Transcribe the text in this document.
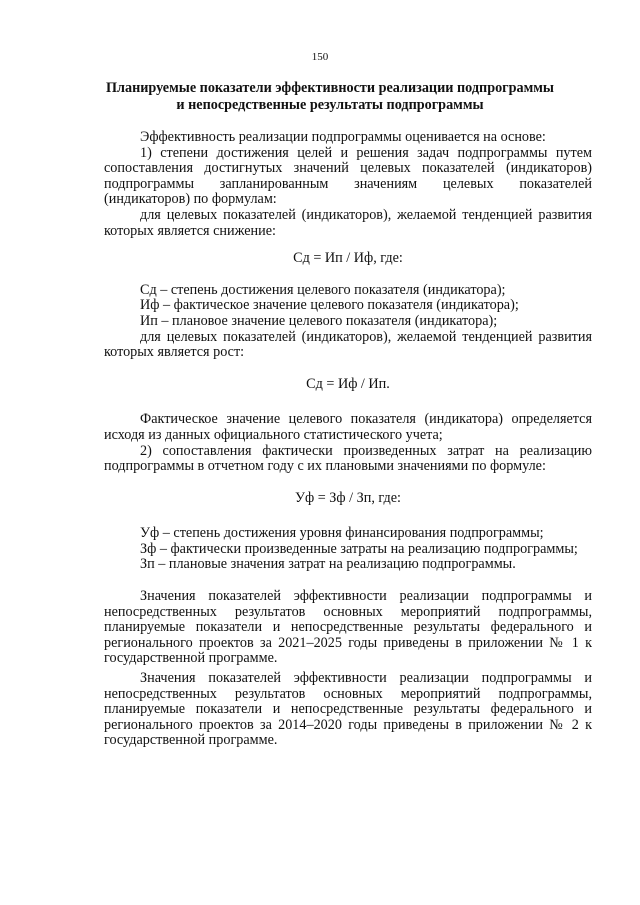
150
Планируемые показатели эффективности реализации подпрограммы
и непосредственные результаты подпрограммы

Эффективность реализации подпрограммы оценивается на основе:

1) степени достижения целей и решения задач подпрограммы путем сопоставления достигнутых значений целевых показателей (индикаторов) подпрограммы запланированным значениям целевых показателей (индикаторов) по формулам:

для целевых показателей (индикаторов), желаемой тенденцией развития которых является снижение:

Сд = Ип / Иф, где:

Сд – степень достижения целевого показателя (индикатора);

Иф – фактическое значение целевого показателя (индикатора);

Ип – плановое значение целевого показателя (индикатора);

для целевых показателей (индикаторов), желаемой тенденцией развития которых является рост:

Сд = Иф / Ип.

Фактическое значение целевого показателя (индикатора) определяется исходя из данных официального статистического учета;

2) сопоставления фактически произведенных затрат на реализацию подпрограммы в отчетном году с их плановыми значениями по формуле:

Уф = Зф / Зп, где:

Уф – степень достижения уровня финансирования подпрограммы;

Зф – фактически произведенные затраты на реализацию подпрограммы;

Зп – плановые значения затрат на реализацию подпрограммы.

Значения показателей эффективности реализации подпрограммы и непосредственных результатов основных мероприятий подпрограммы, планируемые показатели и непосредственные результаты федерального и регионального проектов за 2021–2025 годы приведены в приложении № 1 к государственной программе.

Значения показателей эффективности реализации подпрограммы и непосредственных результатов основных мероприятий подпрограммы, планируемые показатели и непосредственные результаты федерального и регионального проектов за 2014–2020 годы приведены в приложении № 2 к государственной программе.
